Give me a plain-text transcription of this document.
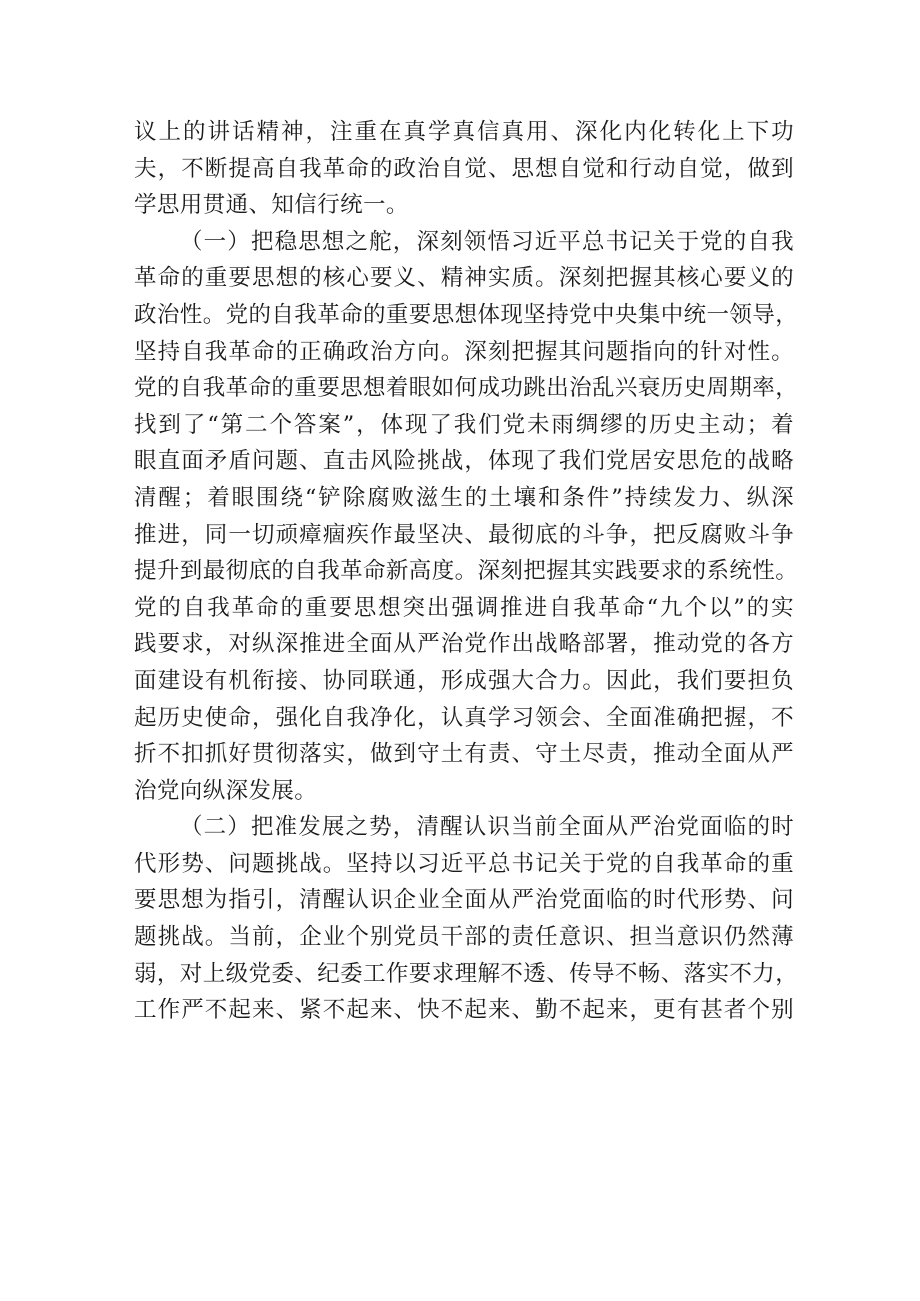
议上的讲话精神，注重在真学真信真用、深化内化转化上下功
夫，不断提高自我革命的政治自觉、思想自觉和行动自觉，做到
学思用贯通、知信行统一。
（一）把稳思想之舵，深刻领悟习近平总书记关于党的自我
革命的重要思想的核心要义、精神实质。深刻把握其核心要义的
政治性。党的自我革命的重要思想体现坚持党中央集中统一领导，
坚持自我革命的正确政治方向。深刻把握其问题指向的针对性。
党的自我革命的重要思想着眼如何成功跳出治乱兴衰历史周期率，
找到了“第二个答案”，体现了我们党未雨绸缪的历史主动；着
眼直面矛盾问题、直击风险挑战，体现了我们党居安思危的战略
清醒；着眼围绕“铲除腐败滋生的土壤和条件”持续发力、纵深
推进，同一切顽瘴痼疾作最坚决、最彻底的斗争，把反腐败斗争
提升到最彻底的自我革命新高度。深刻把握其实践要求的系统性。
党的自我革命的重要思想突出强调推进自我革命“九个以”的实
践要求，对纵深推进全面从严治党作出战略部署，推动党的各方
面建设有机衔接、协同联通，形成强大合力。因此，我们要担负
起历史使命，强化自我净化，认真学习领会、全面准确把握，不
折不扣抓好贯彻落实，做到守土有责、守土尽责，推动全面从严
治党向纵深发展。
（二）把准发展之势，清醒认识当前全面从严治党面临的时
代形势、问题挑战。坚持以习近平总书记关于党的自我革命的重
要思想为指引，清醒认识企业全面从严治党面临的时代形势、问
题挑战。当前，企业个别党员干部的责任意识、担当意识仍然薄
弱，对上级党委、纪委工作要求理解不透、传导不畅、落实不力，
工作严不起来、紧不起来、快不起来、勤不起来，更有甚者个别
